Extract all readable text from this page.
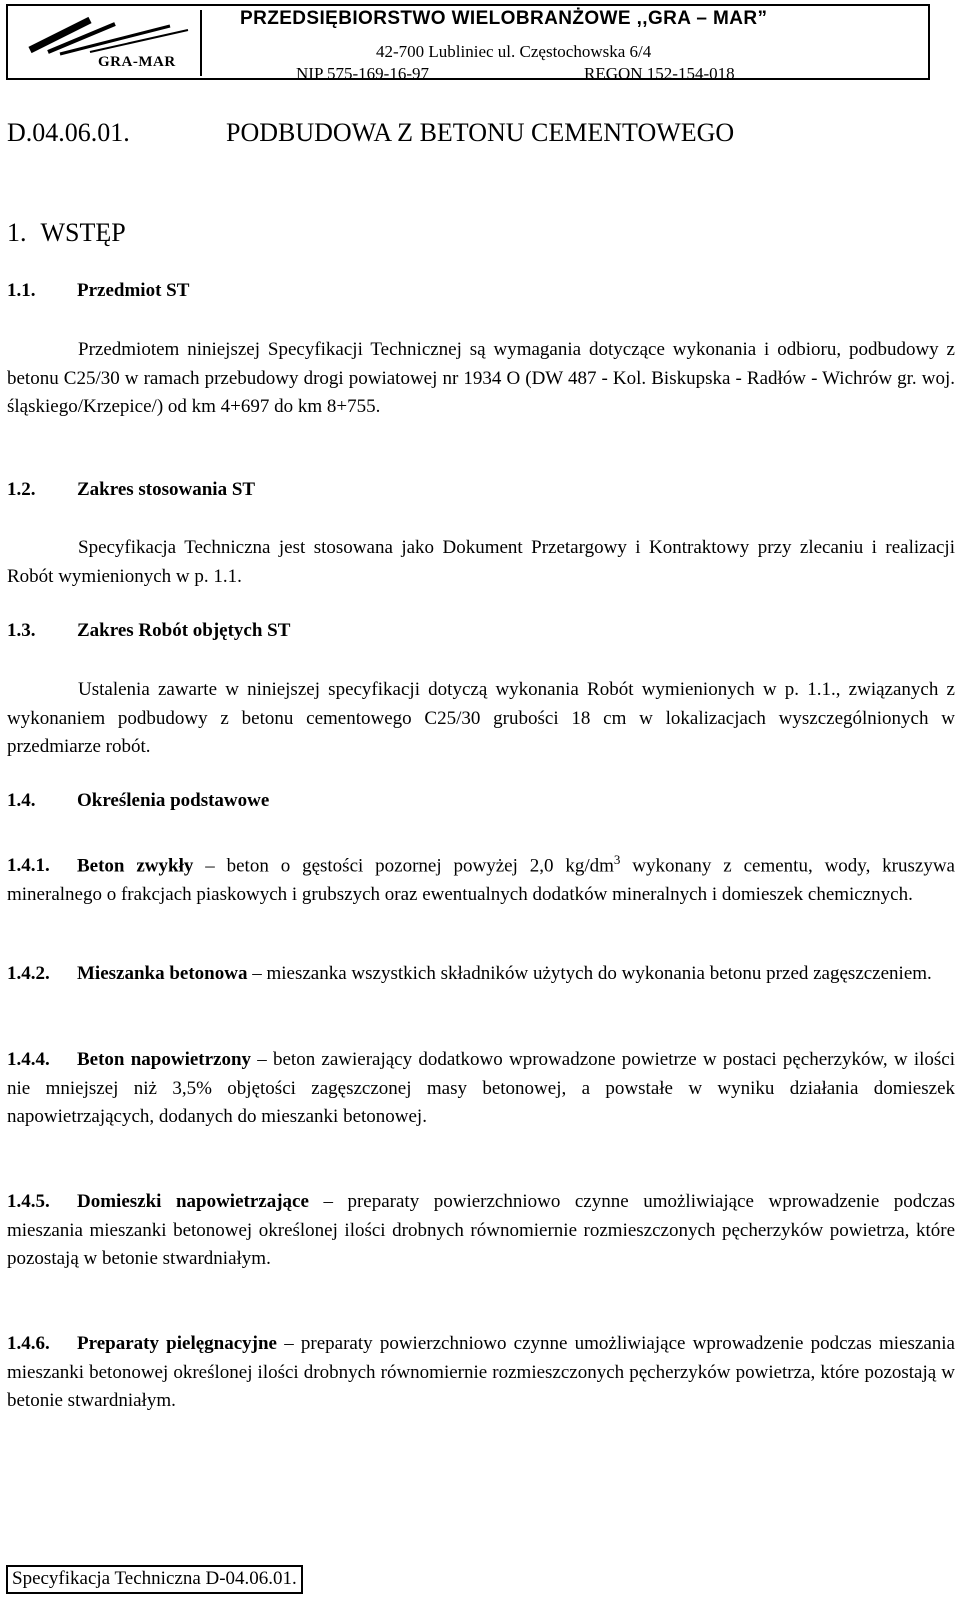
GRA-MAR
PRZEDSIĘBIORSTWO WIELOBRANŻOWE ,,GRA – MAR”
42-700 Lubliniec ul. Częstochowska 6/4
NIP 575-169-16-97	REGON 152-154-018
D.04.06.01.	PODBUDOWA Z BETONU CEMENTOWEGO
1. WSTĘP
1.1. Przedmiot ST
Przedmiotem niniejszej Specyfikacji Technicznej są wymagania dotyczące wykonania i odbioru, podbudowy z betonu C25/30 w ramach przebudowy drogi powiatowej nr 1934 O (DW 487 - Kol. Biskupska - Radłów - Wichrów gr. woj. śląskiego/Krzepice/) od km 4+697 do km 8+755.
1.2. Zakres stosowania ST
Specyfikacja Techniczna jest stosowana jako Dokument Przetargowy i Kontraktowy przy zlecaniu i realizacji Robót wymienionych w p. 1.1.
1.3. Zakres Robót objętych ST
Ustalenia zawarte w niniejszej specyfikacji dotyczą wykonania Robót wymienionych w p. 1.1., związanych z wykonaniem podbudowy z betonu cementowego C25/30 grubości 18 cm w lokalizacjach wyszczególnionych w przedmiarze robót.
1.4. Określenia podstawowe
1.4.1. Beton zwykły – beton o gęstości pozornej powyżej 2,0 $kg/dm^3$ wykonany z cementu, wody, kruszywa mineralnego o frakcjach piaskowych i grubszych oraz ewentualnych dodatków mineralnych i domieszek chemicznych.
1.4.2. Mieszanka betonowa – mieszanka wszystkich składników użytych do wykonania betonu przed zagęszczeniem.
1.4.4. Beton napowietrzony – beton zawierający dodatkowo wprowadzone powietrze w postaci pęcherzyków, w ilości nie mniejszej niż 3,5% objętości zagęszczonej masy betonowej, a powstałe w wyniku działania domieszek napowietrzających, dodanych do mieszanki betonowej.
1.4.5. Domieszki napowietrzające – preparaty powierzchniowo czynne umożliwiające wprowadzenie podczas mieszania mieszanki betonowej określonej ilości drobnych równomiernie rozmieszczonych pęcherzyków powietrza, które pozostają w betonie stwardniałym.
1.4.6. Preparaty pielęgnacyjne – preparaty powierzchniowo czynne umożliwiające wprowadzenie podczas mieszania mieszanki betonowej określonej ilości drobnych równomiernie rozmieszczonych pęcherzyków powietrza, które pozostają w betonie stwardniałym.
Specyfikacja Techniczna D-04.06.01.
